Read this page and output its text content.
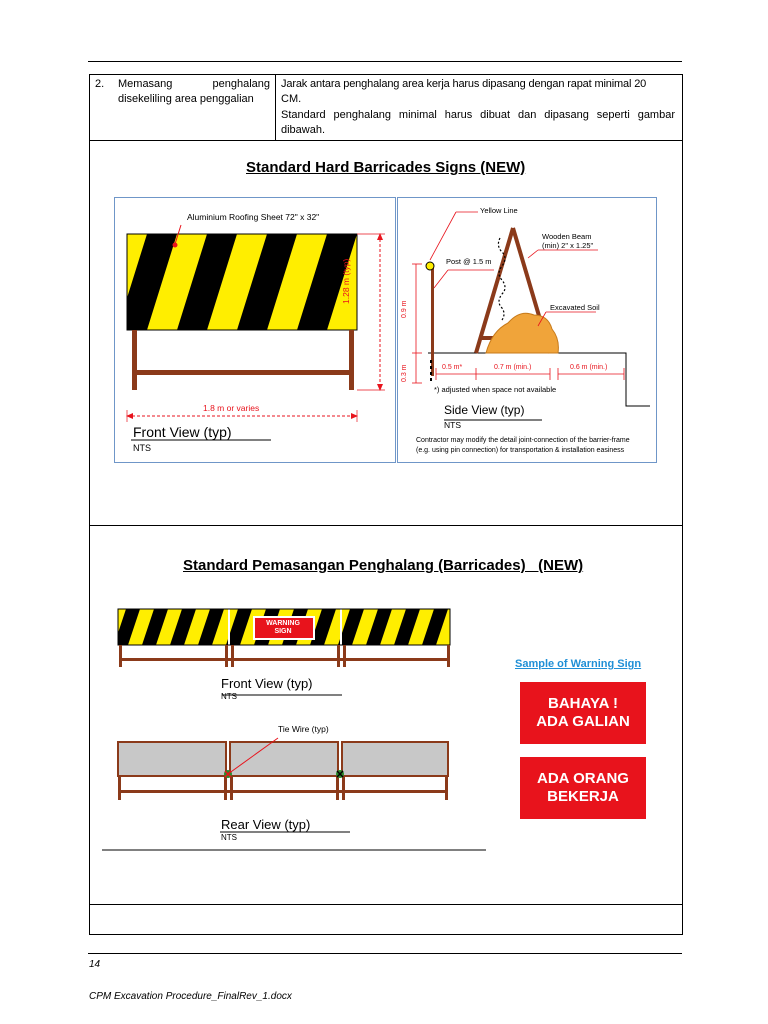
2. Memasang penghalang
disekeliling area penggalian
Jarak antara penghalang area kerja harus dipasang dengan rapat minimal 20
CM.
Standard penghalang minimal harus dibuat dan dipasang seperti gambar
dibawah.
Standard Hard Barricades Signs (NEW)
Aluminium Roofing Sheet 72" x 32"
1.28 m (typ)
1.8 m or varies
Front View (typ)
NTS
Yellow Line
Wooden Beam
(min) 2" x 1.25"
Post @ 1.5 m
Excavated Soil
0.9 m
0.3 m	0.5 m*	0.7 m (min.)	0.6 m (min.)
*) adjusted when space not available
Side View (typ)
NTS
Contractor may modify the detail joint-connection of the barrier-frame
(e.g. using pin connection) for transportation & installation easiness
Standard Pemasangan Penghalang (Barricades) _(NEW)
WARNING
SIGN
Front View (typ)
NTS
Tie Wire (typ)
Rear View (typ)
NTS
Sample of Warning Sign
BAHAYA !
ADA GALIAN
ADA ORANG
BEKERJA
14
CPM Excavation Procedure_FinalRev_1.docx
